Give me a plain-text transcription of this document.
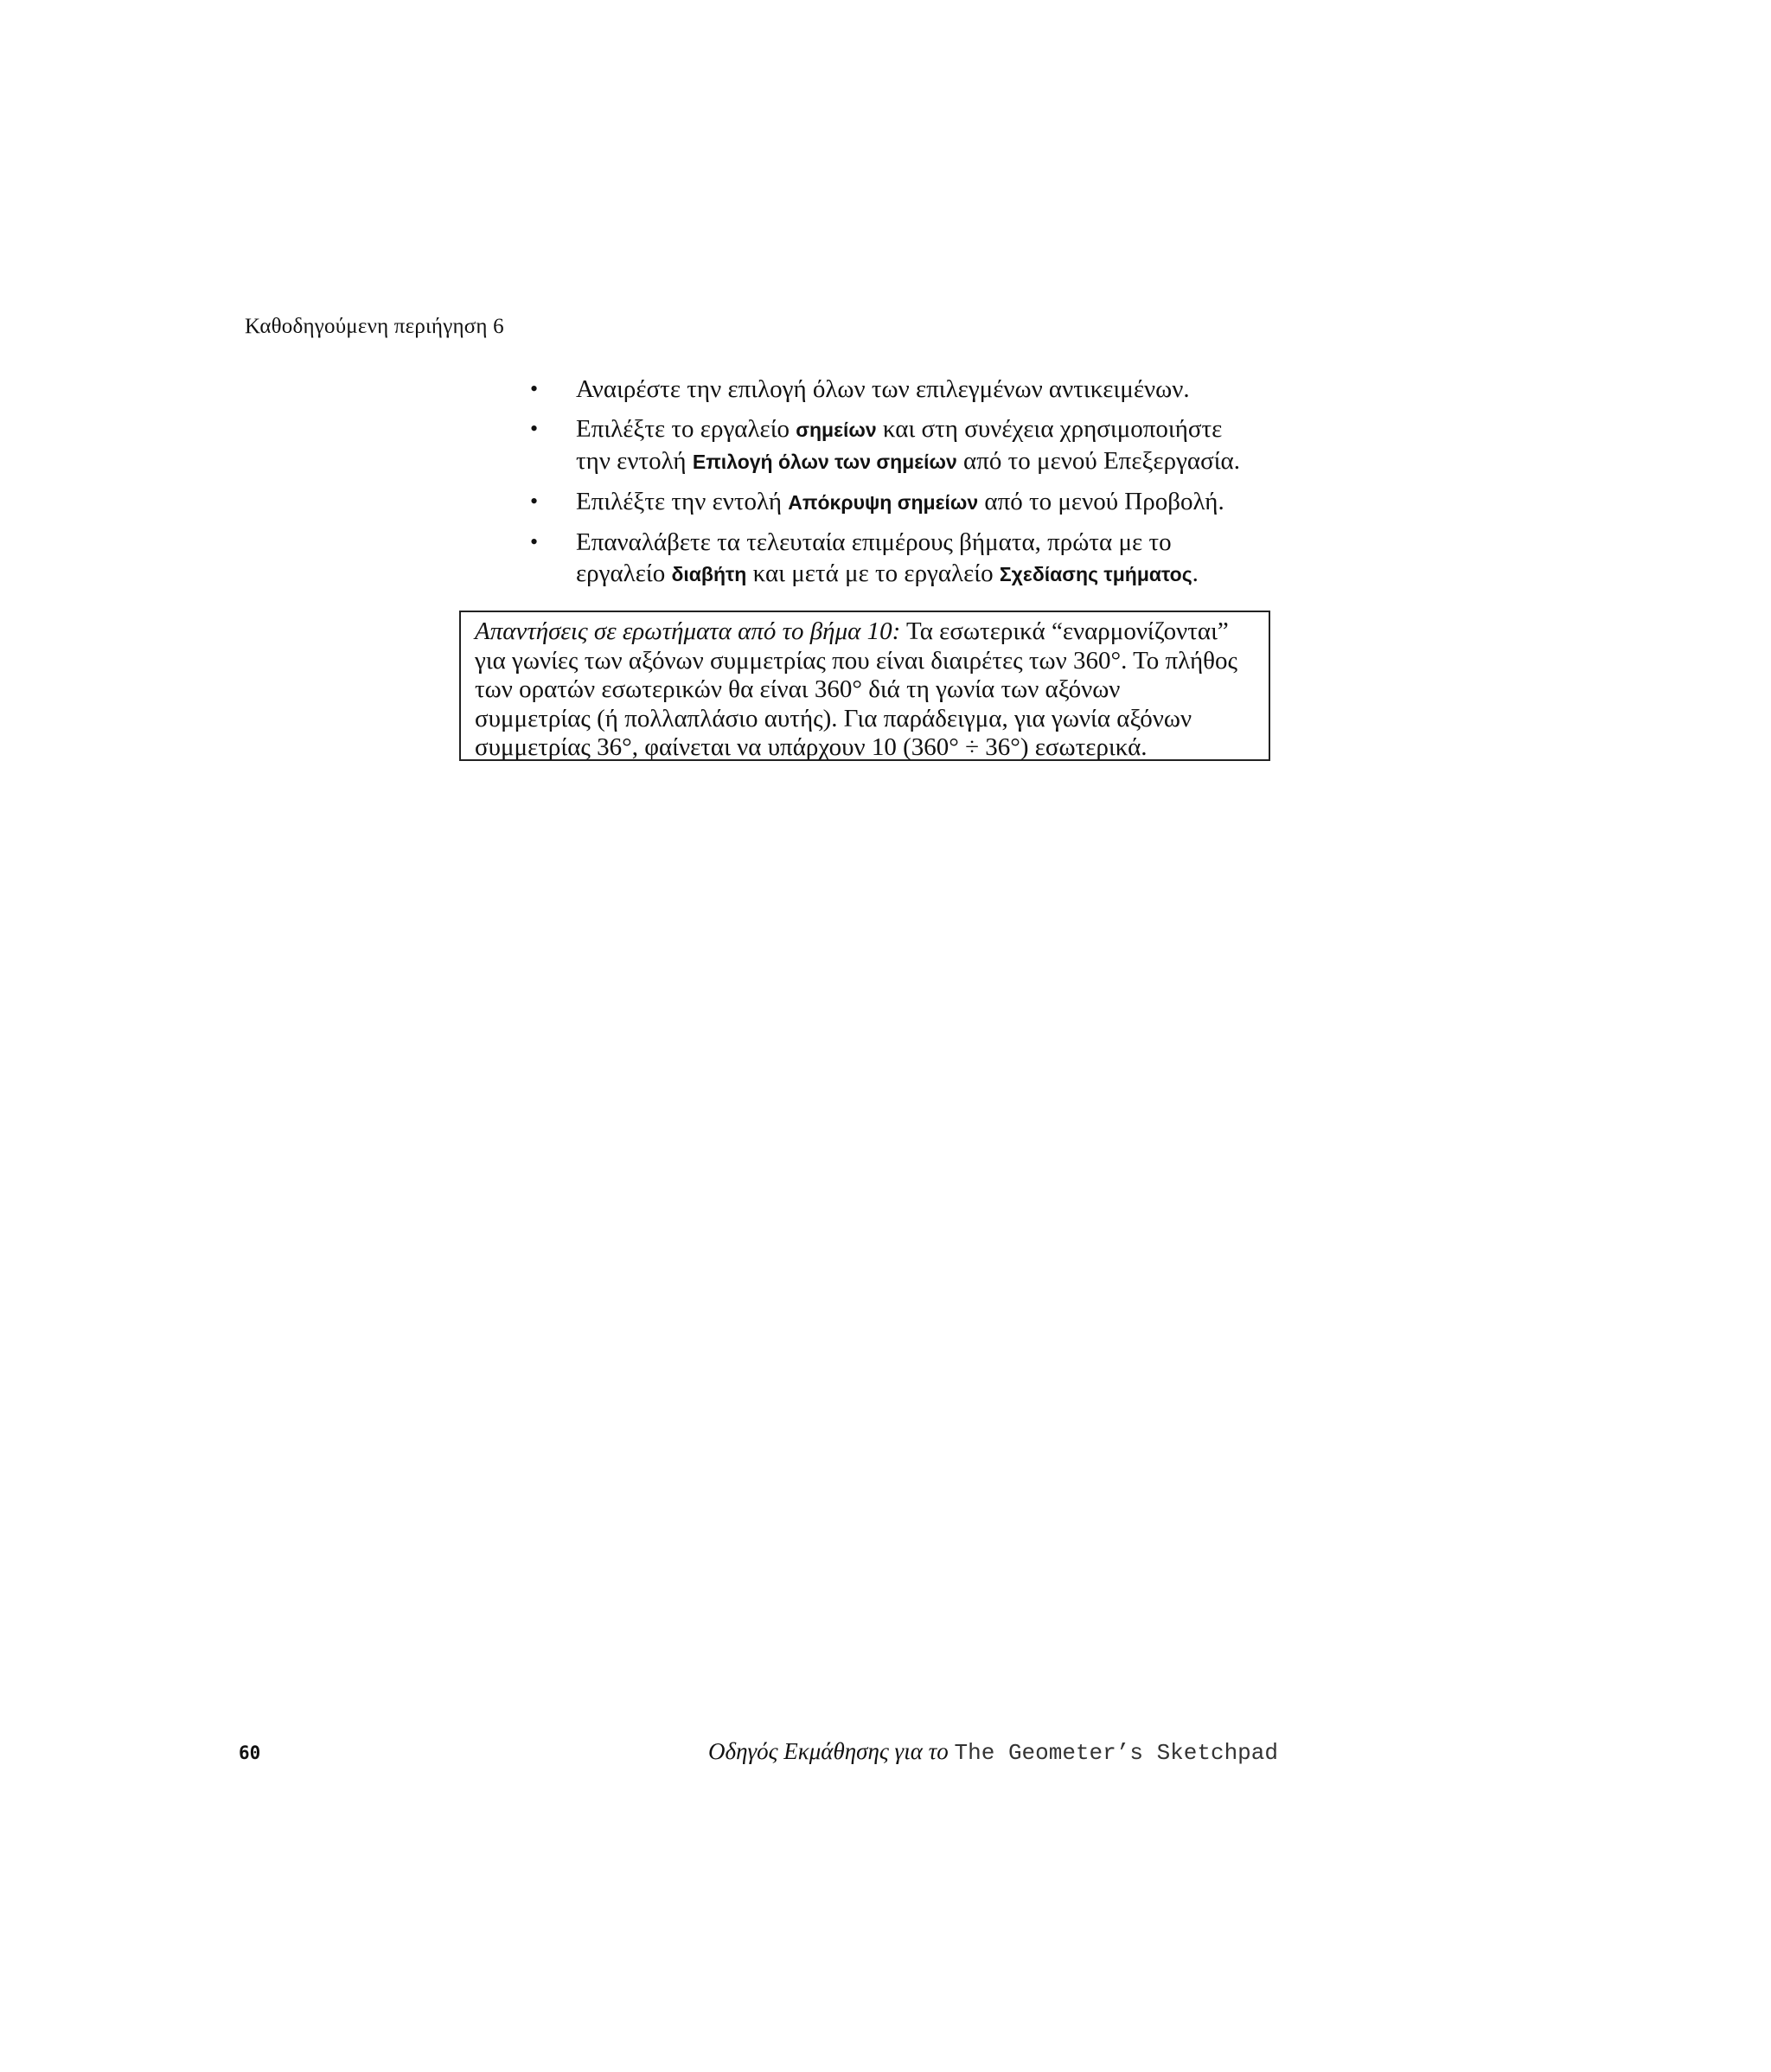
Καθοδηγούμενη περιήγηση 6
• Αναιρέστε την επιλογή όλων των επιλεγμένων αντικειμένων.
• Επιλέξτε το εργαλείο σημείων και στη συνέχεια χρησιμοποιήστε
την εντολή Επιλογή όλων των σημείων από το μενού Επεξεργασία.
• Επιλέξτε την εντολή Απόκρυψη σημείων από το μενού Προβολή.
• Επαναλάβετε τα τελευταία επιμέρους βήματα, πρώτα με το
εργαλείο διαβήτη και μετά με το εργαλείο Σχεδίασης τμήματος.
Απαντήσεις σε ερωτήματα από το βήμα 10: Τα εσωτερικά “εναρμονίζονται”
για γωνίες των αξόνων συμμετρίας που είναι διαιρέτες των 360°. Το πλήθος
των ορατών εσωτερικών θα είναι 360° διά τη γωνία των αξόνων
συμμετρίας (ή πολλαπλάσιο αυτής). Για παράδειγμα, για γωνία αξόνων
συμμετρίας 36°, φαίνεται να υπάρχουν 10 (360° ÷ 36°) εσωτερικά.
60	Οδηγός Εκμάθησης για το The Geometer’s Sketchpad
